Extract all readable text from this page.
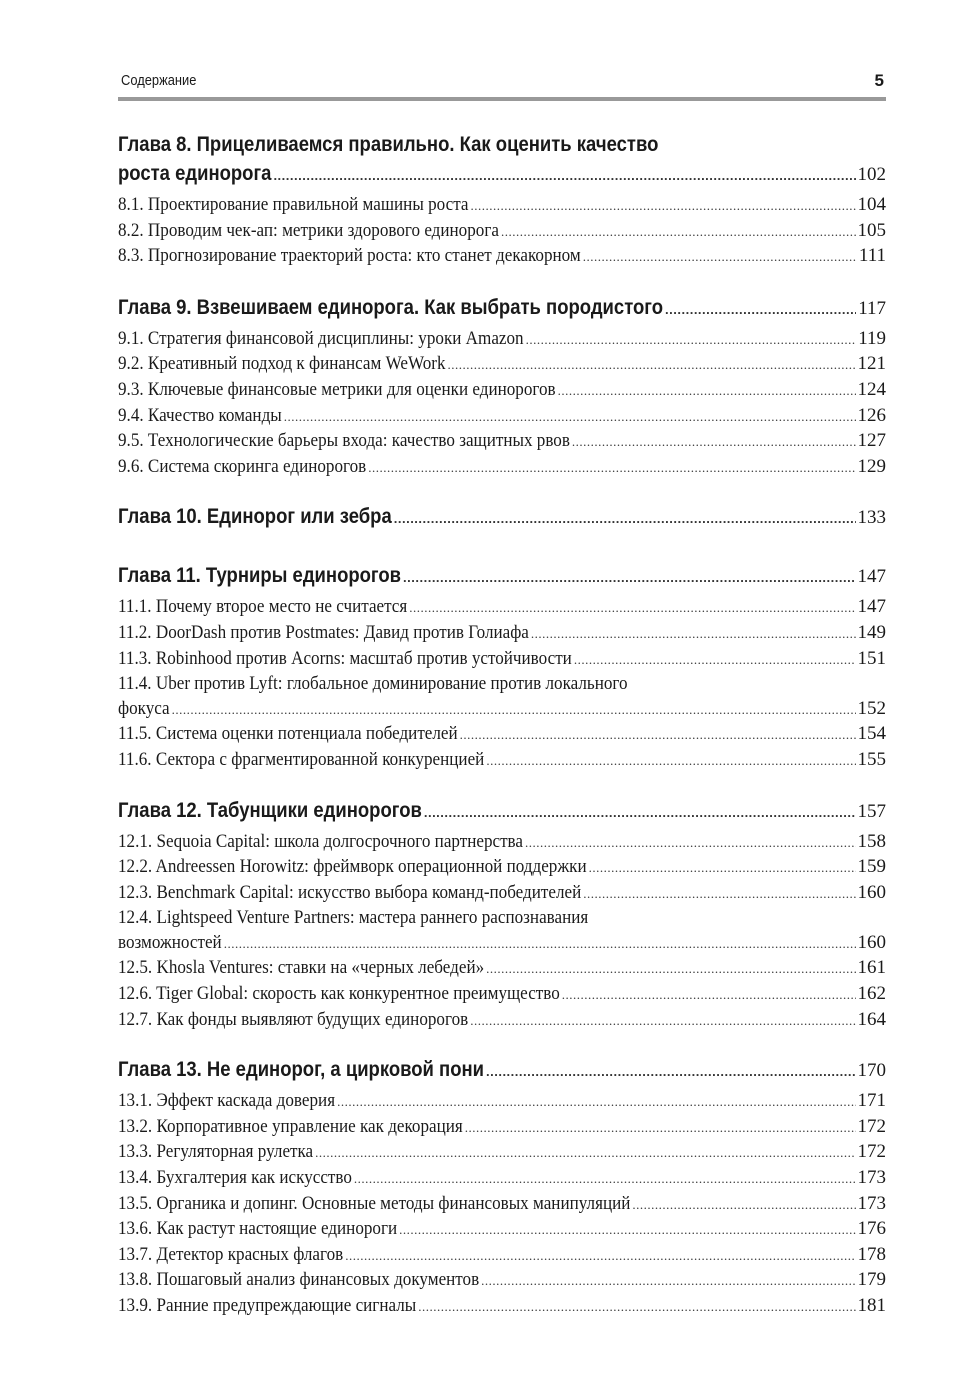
Содержание	5
Глава 8. Прицеливаемся правильно. Как оценить качество
роста единорога .....	102
8.1. Проектирование правильной машины роста .....	104
8.2. Проводим чек-ап: метрики здорового единорога .....	105
8.3. Прогнозирование траекторий роста: кто станет декакорном .....	111
Глава 9. Взвешиваем единорога. Как выбрать породистого .....	117
9.1. Стратегия финансовой дисциплины: уроки Amazon .....	119
9.2. Креативный подход к финансам WeWork .....	121
9.3. Ключевые финансовые метрики для оценки единорогов .....	124
9.4. Качество команды .....	126
9.5. Технологические барьеры входа: качество защитных рвов .....	127
9.6. Система скоринга единорогов .....	129
Глава 10. Единорог или зебра .....	133
Глава 11. Турниры единорогов .....	147
11.1. Почему второе место не считается .....	147
11.2. DoorDash против Postmates: Давид против Голиафа .....	149
11.3. Robinhood против Acorns: масштаб против устойчивости .....	151
11.4. Uber против Lyft: глобальное доминирование против локального
фокуса .....	152
11.5. Система оценки потенциала победителей .....	154
11.6. Сектора с фрагментированной конкуренцией .....	155
Глава 12. Табунщики единорогов .....	157
12.1. Sequoia Capital: школа долгосрочного партнерства .....	158
12.2. Andreessen Horowitz: фреймворк операционной поддержки .....	159
12.3. Benchmark Capital: искусство выбора команд-победителей .....	160
12.4. Lightspeed Venture Partners: мастера раннего распознавания
возможностей .....	160
12.5. Khosla Ventures: ставки на «черных лебедей» .....	161
12.6. Tiger Global: скорость как конкурентное преимущество .....	162
12.7. Как фонды выявляют будущих единорогов .....	164
Глава 13. Не единорог, а цирковой пони .....	170
13.1. Эффект каскада доверия .....	171
13.2. Корпоративное управление как декорация .....	172
13.3. Регуляторная рулетка .....	172
13.4. Бухгалтерия как искусство .....	173
13.5. Органика и допинг. Основные методы финансовых манипуляций .....	173
13.6. Как растут настоящие единороги .....	176
13.7. Детектор красных флагов .....	178
13.8. Пошаговый анализ финансовых документов .....	179
13.9. Ранние предупреждающие сигналы .....	181
